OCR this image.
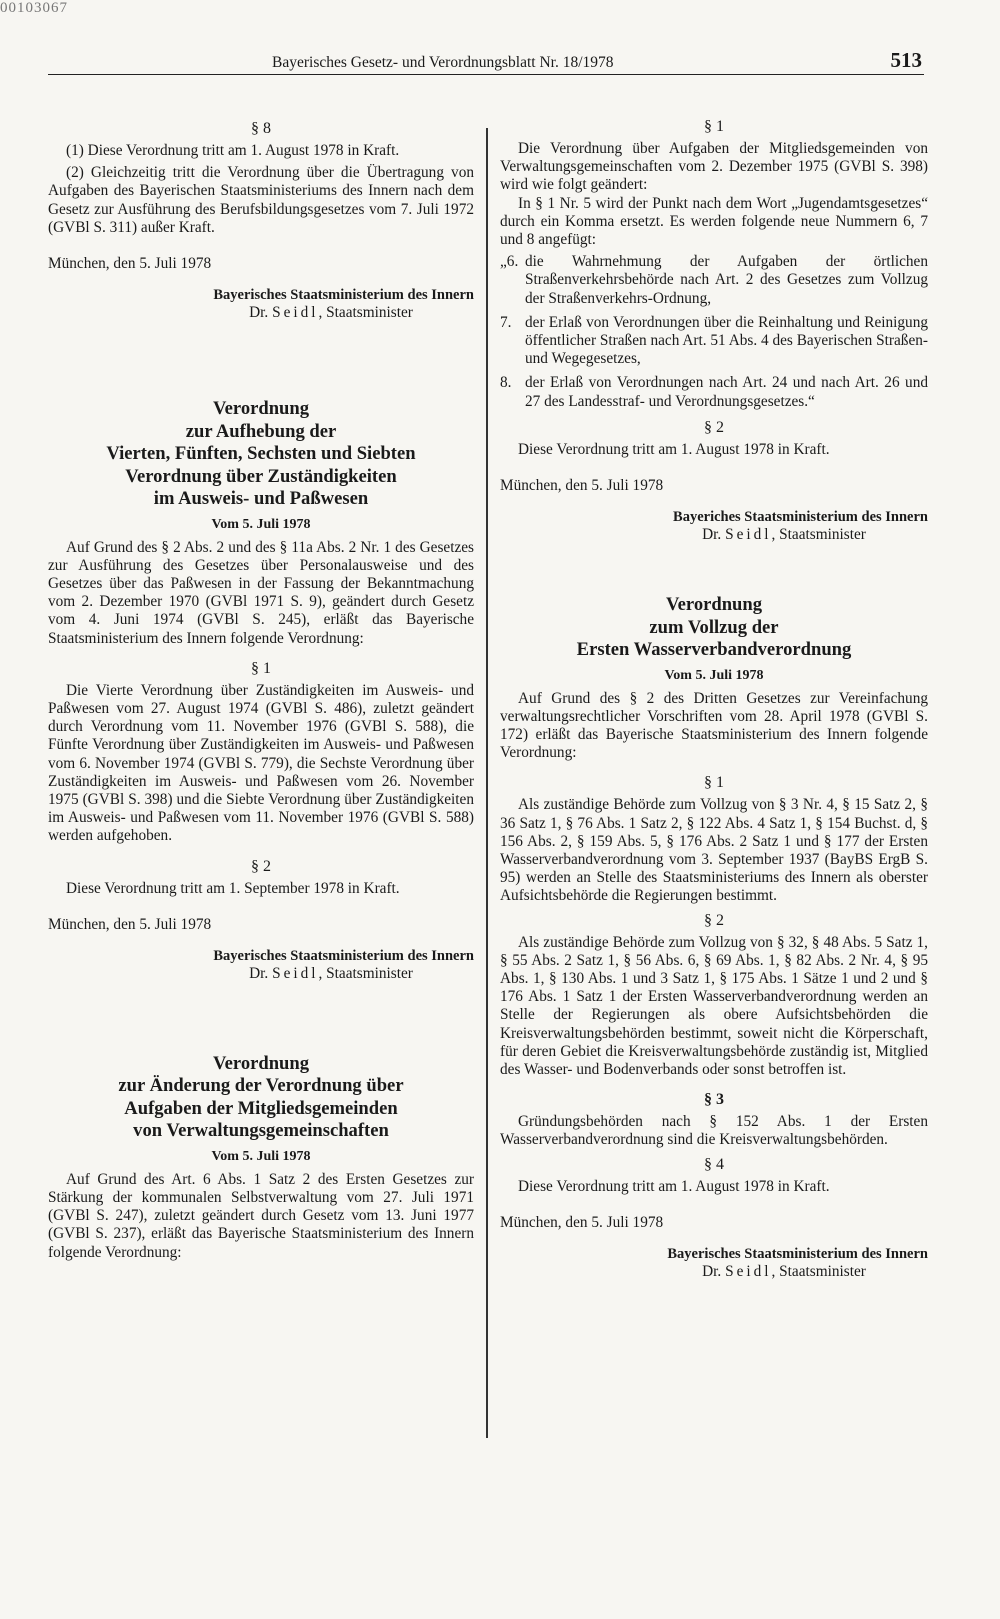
00103067
Bayerisches Gesetz- und Verordnungsblatt Nr. 18/1978	513
§ 8

(1) Diese Verordnung tritt am 1. August 1978 in Kraft.

(2) Gleichzeitig tritt die Verordnung über die Übertragung von Aufgaben des Bayerischen Staatsministeriums des Innern nach dem Gesetz zur Ausführung des Berufsbildungsgesetzes vom 7. Juli 1972 (GVBl S. 311) außer Kraft.

München, den 5. Juli 1978
Bayerisches Staatsministerium des Innern
Dr. Seidl, Staatsminister
Verordnung
zur Aufhebung der
Vierten, Fünften, Sechsten und Siebten
Verordnung über Zuständigkeiten
im Ausweis- und Paßwesen
Vom 5. Juli 1978

Auf Grund des § 2 Abs. 2 und des § 11a Abs. 2 Nr. 1 des Gesetzes zur Ausführung des Gesetzes über Personalausweise und des Gesetzes über das Paßwesen in der Fassung der Bekanntmachung vom 2. Dezember 1970 (GVBl 1971 S. 9), geändert durch Gesetz vom 4. Juni 1974 (GVBl S. 245), erläßt das Bayerische Staatsministerium des Innern folgende Verordnung:

§ 1

Die Vierte Verordnung über Zuständigkeiten im Ausweis- und Paßwesen vom 27. August 1974 (GVBl S. 486), zuletzt geändert durch Verordnung vom 11. November 1976 (GVBl S. 588), die Fünfte Verordnung über Zuständigkeiten im Ausweis- und Paßwesen vom 6. November 1974 (GVBl S. 779), die Sechste Verordnung über Zuständigkeiten im Ausweis- und Paßwesen vom 26. November 1975 (GVBl S. 398) und die Siebte Verordnung über Zuständigkeiten im Ausweis- und Paßwesen vom 11. November 1976 (GVBl S. 588) werden aufgehoben.

§ 2

Diese Verordnung tritt am 1. September 1978 in Kraft.

München, den 5. Juli 1978
Bayerisches Staatsministerium des Innern
Dr. Seidl, Staatsminister
Verordnung
zur Änderung der Verordnung über
Aufgaben der Mitgliedsgemeinden
von Verwaltungsgemeinschaften
Vom 5. Juli 1978

Auf Grund des Art. 6 Abs. 1 Satz 2 des Ersten Gesetzes zur Stärkung der kommunalen Selbstverwaltung vom 27. Juli 1971 (GVBl S. 247), zuletzt geändert durch Gesetz vom 13. Juni 1977 (GVBl S. 237), erläßt das Bayerische Staatsministerium des Innern folgende Verordnung:

§ 1

Die Verordnung über Aufgaben der Mitgliedsgemeinden von Verwaltungsgemeinschaften vom 2. Dezember 1975 (GVBl S. 398) wird wie folgt geändert:

In § 1 Nr. 5 wird der Punkt nach dem Wort „Jugendamtsgesetzes“ durch ein Komma ersetzt. Es werden folgende neue Nummern 6, 7 und 8 angefügt:

„6. die Wahrnehmung der Aufgaben der örtlichen Straßenverkehrsbehörde nach Art. 2 des Gesetzes zum Vollzug der Straßenverkehrs-Ordnung,
7. der Erlaß von Verordnungen über die Reinhaltung und Reinigung öffentlicher Straßen nach Art. 51 Abs. 4 des Bayerischen Straßen- und Wegegesetzes,
8. der Erlaß von Verordnungen nach Art. 24 und nach Art. 26 und 27 des Landesstraf- und Verordnungsgesetzes.“
§ 2

Diese Verordnung tritt am 1. August 1978 in Kraft.

München, den 5. Juli 1978
Bayeriches Staatsministerium des Innern
Dr. Seidl, Staatsminister
Verordnung
zum Vollzug der
Ersten Wasserverbandverordnung
Vom 5. Juli 1978

Auf Grund des § 2 des Dritten Gesetzes zur Vereinfachung verwaltungsrechtlicher Vorschriften vom 28. April 1978 (GVBl S. 172) erläßt das Bayerische Staatsministerium des Innern folgende Verordnung:

§ 1

Als zuständige Behörde zum Vollzug von § 3 Nr. 4, § 15 Satz 2, § 36 Satz 1, § 76 Abs. 1 Satz 2, § 122 Abs. 4 Satz 1, § 154 Buchst. d, § 156 Abs. 2, § 159 Abs. 5, § 176 Abs. 2 Satz 1 und § 177 der Ersten Wasserverbandverordnung vom 3. September 1937 (BayBS ErgB S. 95) werden an Stelle des Staatsministeriums des Innern als oberster Aufsichtsbehörde die Regierungen bestimmt.

§ 2

Als zuständige Behörde zum Vollzug von § 32, § 48 Abs. 5 Satz 1, § 55 Abs. 2 Satz 1, § 56 Abs. 6, § 69 Abs. 1, § 82 Abs. 2 Nr. 4, § 95 Abs. 1, § 130 Abs. 1 und 3 Satz 1, § 175 Abs. 1 Sätze 1 und 2 und § 176 Abs. 1 Satz 1 der Ersten Wasserverbandverordnung werden an Stelle der Regierungen als obere Aufsichtsbehörden die Kreisverwaltungsbehörden bestimmt, soweit nicht die Körperschaft, für deren Gebiet die Kreisverwaltungsbehörde zuständig ist, Mitglied des Wasser- und Bodenverbands oder sonst betroffen ist.

§ 3

Gründungsbehörden nach § 152 Abs. 1 der Ersten Wasserverbandverordnung sind die Kreisverwaltungsbehörden.

§ 4

Diese Verordnung tritt am 1. August 1978 in Kraft.

München, den 5. Juli 1978
Bayerisches Staatsministerium des Innern
Dr. Seidl, Staatsminister
